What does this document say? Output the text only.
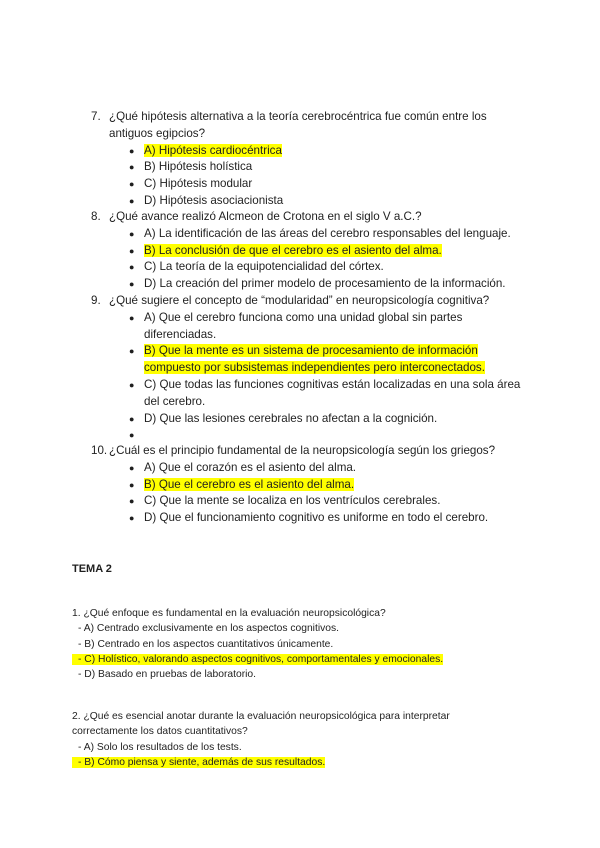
7. ¿Qué hipótesis alternativa a la teoría cerebrocéntrica fue común entre los antiguos egipcios?
● A) Hipótesis cardiocéntrica
● B) Hipótesis holística
● C) Hipótesis modular
● D) Hipótesis asociacionista
8. ¿Qué avance realizó Alcmeon de Crotona en el siglo V a.C.?
● A) La identificación de las áreas del cerebro responsables del lenguaje.
● B) La conclusión de que el cerebro es el asiento del alma.
● C) La teoría de la equipotencialidad del córtex.
● D) La creación del primer modelo de procesamiento de la información.
9. ¿Qué sugiere el concepto de “modularidad” en neuropsicología cognitiva?
● A) Que el cerebro funciona como una unidad global sin partes diferenciadas.
● B) Que la mente es un sistema de procesamiento de información compuesto por subsistemas independientes pero interconectados.
● C) Que todas las funciones cognitivas están localizadas en una sola área del cerebro.
● D) Que las lesiones cerebrales no afectan a la cognición.
●

10. ¿Cuál es el principio fundamental de la neuropsicología según los griegos?
● A) Que el corazón es el asiento del alma.
● B) Que el cerebro es el asiento del alma.
● C) Que la mente se localiza en los ventrículos cerebrales.
● D) Que el funcionamiento cognitivo es uniforme en todo el cerebro.
TEMA 2
1. ¿Qué enfoque es fundamental en la evaluación neuropsicológica?
- A) Centrado exclusivamente en los aspectos cognitivos.
- B) Centrado en los aspectos cuantitativos únicamente.
- C) Holístico, valorando aspectos cognitivos, comportamentales y emocionales.
- D) Basado en pruebas de laboratorio.
2. ¿Qué es esencial anotar durante la evaluación neuropsicológica para interpretar
correctamente los datos cuantitativos?
- A) Solo los resultados de los tests.
- B) Cómo piensa y siente, además de sus resultados.
